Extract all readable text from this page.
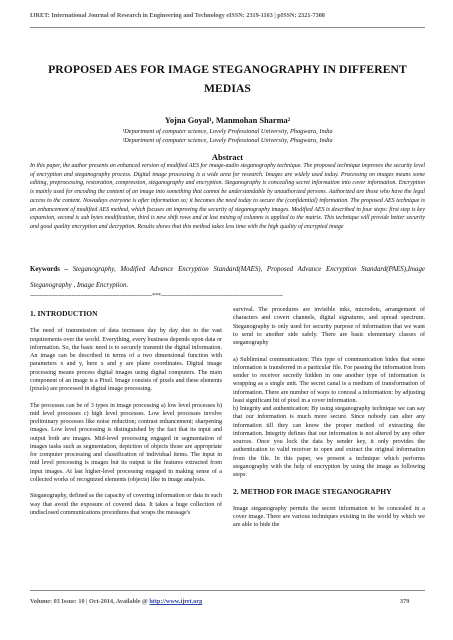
IJRET: International Journal of Research in Engineering and Technology eISSN: 2319-1163 | pISSN: 2321-7308
PROPOSED AES FOR IMAGE STEGANOGRAPHY IN DIFFERENT
MEDIAS
Yojna Goyal¹, Manmohan Sharma²
¹Department of computer science, Lovely Professional University, Phagwara, India
²Department of computer science, Lovely Professional University, Phagwara, India
Abstract
In this paper, the author presents an enhanced version of modified AES for image-audio steganography technique. The proposed technique improves the security level of encryption and steganography process. Digital image processing is a wide area for research. Images are widely used today. Processing on images means some editing, preprocessing, restoration, compression, steganography and encryption. Steganography is concealing secret information into cover information. Encryption is mainly used for encoding the content of an image into something that cannot be understandable by unauthorized persons. Authorized are those who have the legal access to the content. Nowadays everyone is after information so; it becomes the need today to secure the (confidential) information. The proposed AES technique is an enhancement of modified AES method, which focuses on improving the security of steganography images. Modified AES is described in four steps: first step is key expansion, second is sub bytes modification, third is new shift rows and at last mixing of columns is applied to the matrix. This technique will provide better security and good quality encryption and decryption. Results shows that this method takes less time with the high quality of encrypted image
Keywords – Steganography, Modified Advance Encryption Standard(MAES), Proposed Advance Encryption Standard(PAES),Image Steganography , Image Encryption.
--------------------------------------------------------------------***--------------------------------------------------------------------
1. INTRODUCTION

The need of transmission of data increases day by day due to the vast requirements over the world. Everything, every business depends upon data or information. So, the basic need is to securely transmit the digital information. An image can be described in terms of a two dimensional function with parameters x and y, here x and y are plane coordinates. Digital image processing means process digital images using digital computers. The main component of an image is a Pixel. Image consists of pixels and these elements (pixels) are processed in digital image processing.

The processes can be of 3 types in image processing a) low level processes b) mid level processes c) high level processes. Low level processes involve preliminary processes like noise reduction; contrast enhancement; sharpening images. Low level processing is distinguished by the fact that its input and output both are images. Mid-level processing engaged in segmentation of images tasks such as segmentation, depiction of objects those are appropriate for computer processing and classification of individual items. The input in mid level processing is images but its output is the features extracted from input images. At last higher-level processing engaged in making sense of a collected works of recognized elements (objects) like in image analysis.

Steganography, defined as the capacity of covering information or data in such way that avoid the exposure of covered data. It takes a huge collection of undisclosed communications procedures that wraps the message's

survival. The procedures are invisible inks, microdots, arrangement of characters and covert channels, digital signatures, and spread spectrum. Steganography is only used for security purpose of information that we want to send to another side safely. There are basic elementary classes of steganography

a) Subliminal communication: This type of communication hides that some information is transferred in a particular file. For passing the information from sender to receiver secretly hidden in one another type of information is wrapping as a single unit. The secret canal is a medium of transformation of information. There are number of ways to conceal a information: by adjusting least significant bit of pixel in a cover information.

b) Integrity and authentication: By using steganography technique we can say that our information is much more secure. Since nobody can alter any information till they can know the proper method of extracting the information. Integrity defines that our information is not altered by any other sources. Once you lock the data by sender key, it only provides the authentication to valid receiver to open and extract the original information from the file. In this paper, we present a technique which performs steganography with the help of encryption by using the image as following steps:

2. METHOD FOR IMAGE STEGANOGRAPHY

Image steganography permits the secret information to be concealed in a cover image. There are various techniques existing in the world by which we are able to hide the

Volume: 03 Issue: 10 | Oct-2014, Available @ http://www.ijret.org	379
